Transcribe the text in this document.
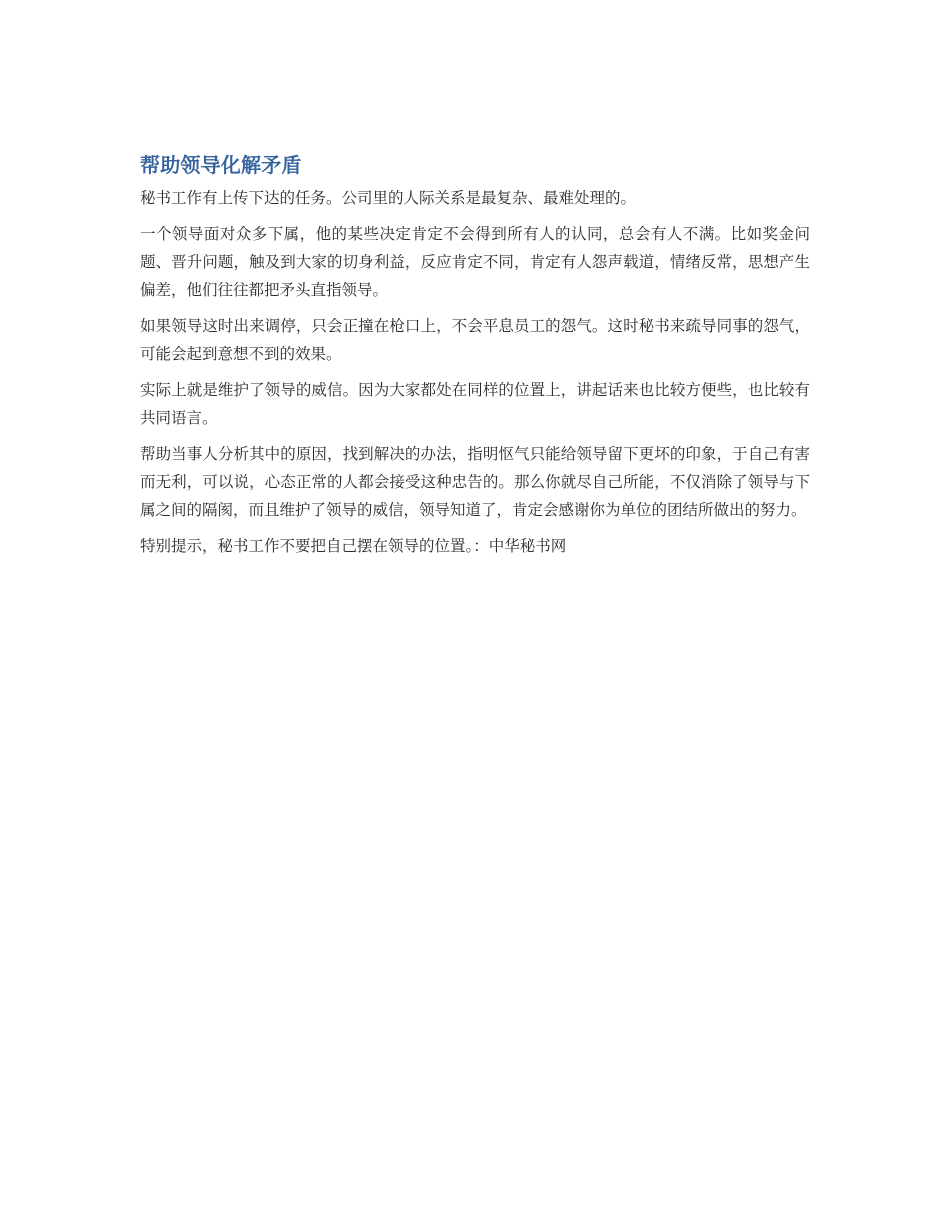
帮助领导化解矛盾

秘书工作有上传下达的任务。公司里的人际关系是最复杂、最难处理的。

一个领导面对众多下属，他的某些决定肯定不会得到所有人的认同，总会有人不满。比如奖金问题、晋升问题，触及到大家的切身利益，反应肯定不同，肯定有人怨声载道，情绪反常，思想产生偏差，他们往往都把矛头直指领导。

如果领导这时出来调停，只会正撞在枪口上，不会平息员工的怨气。这时秘书来疏导同事的怨气，可能会起到意想不到的效果。

实际上就是维护了领导的威信。因为大家都处在同样的位置上，讲起话来也比较方便些，也比较有共同语言。

帮助当事人分析其中的原因，找到解决的办法，指明怄气只能给领导留下更坏的印象，于自己有害而无利，可以说，心态正常的人都会接受这种忠告的。那么你就尽自己所能，不仅消除了领导与下属之间的隔阂，而且维护了领导的威信，领导知道了，肯定会感谢你为单位的团结所做出的努力。

特别提示，秘书工作不要把自己摆在领导的位置。：中华秘书网
